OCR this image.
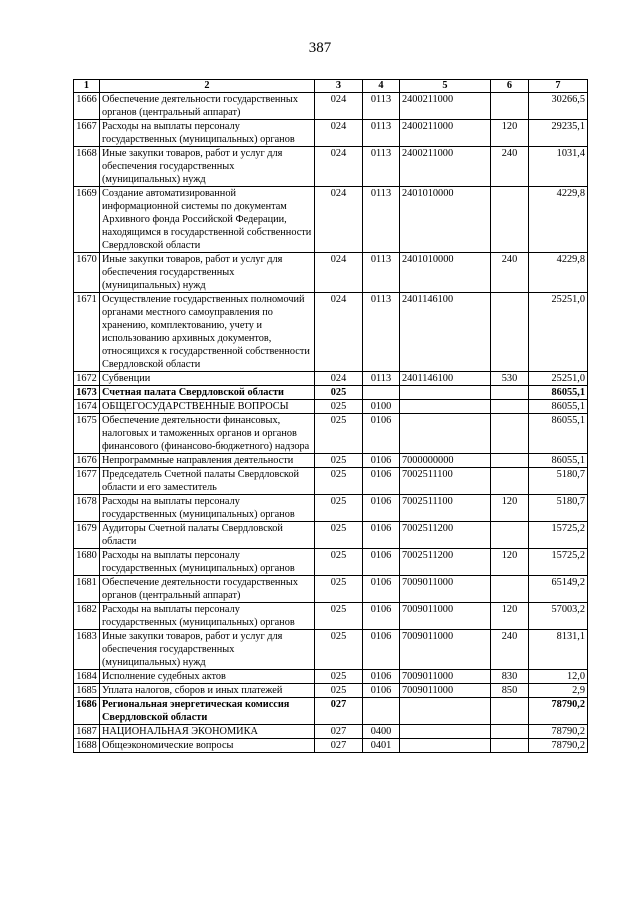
387
1	2	3	4	5	6	7
1666	Обеспечение деятельности государственных органов (центральный аппарат)	024	0113	2400211000		30266,5
1667	Расходы на выплаты персоналу государственных (муниципальных) органов	024	0113	2400211000	120	29235,1
1668	Иные закупки товаров, работ и услуг для обеспечения государственных (муниципальных) нужд	024	0113	2400211000	240	1031,4
1669	Создание автоматизированной информационной системы по документам Архивного фонда Российской Федерации, находящимся в государственной собственности Свердловской области	024	0113	2401010000		4229,8
1670	Иные закупки товаров, работ и услуг для обеспечения государственных (муниципальных) нужд	024	0113	2401010000	240	4229,8
1671	Осуществление государственных полномочий органами местного самоуправления по хранению, комплектованию, учету и использованию архивных документов, относящихся к государственной собственности Свердловской области	024	0113	2401146100		25251,0
1672	Субвенции	024	0113	2401146100	530	25251,0
1673	Счетная палата Свердловской области	025				86055,1
1674	ОБЩЕГОСУДАРСТВЕННЫЕ ВОПРОСЫ	025	0100			86055,1
1675	Обеспечение деятельности финансовых, налоговых и таможенных органов и органов финансового (финансово-бюджетного) надзора	025	0106			86055,1
1676	Непрограммные направления деятельности	025	0106	7000000000		86055,1
1677	Председатель Счетной палаты Свердловской области и его заместитель	025	0106	7002511100		5180,7
1678	Расходы на выплаты персоналу государственных (муниципальных) органов	025	0106	7002511100	120	5180,7
1679	Аудиторы Счетной палаты Свердловской области	025	0106	7002511200		15725,2
1680	Расходы на выплаты персоналу государственных (муниципальных) органов	025	0106	7002511200	120	15725,2
1681	Обеспечение деятельности государственных органов (центральный аппарат)	025	0106	7009011000		65149,2
1682	Расходы на выплаты персоналу государственных (муниципальных) органов	025	0106	7009011000	120	57003,2
1683	Иные закупки товаров, работ и услуг для обеспечения государственных (муниципальных) нужд	025	0106	7009011000	240	8131,1
1684	Исполнение судебных актов	025	0106	7009011000	830	12,0
1685	Уплата налогов, сборов и иных платежей	025	0106	7009011000	850	2,9
1686	Региональная энергетическая комиссия Свердловской области	027				78790,2
1687	НАЦИОНАЛЬНАЯ ЭКОНОМИКА	027	0400			78790,2
1688	Общеэкономические вопросы	027	0401			78790,2
